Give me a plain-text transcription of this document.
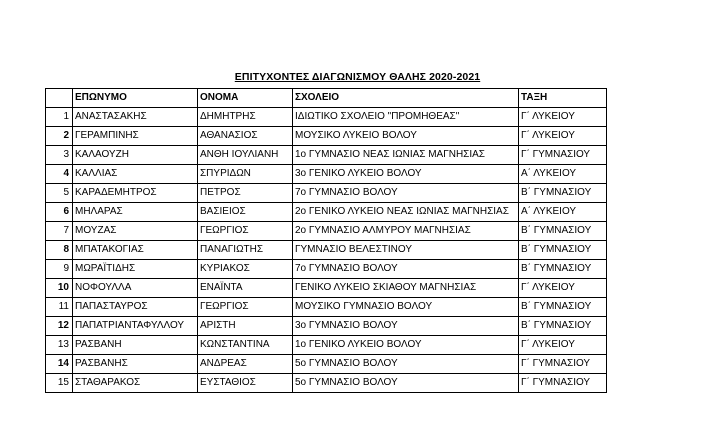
ΕΠΙΤΥΧΟΝΤΕΣ ΔΙΑΓΩΝΙΣΜΟΥ ΘΑΛΗΣ 2020-2021
	ΕΠΩΝΥΜΟ	ΟΝΟΜΑ	ΣΧΟΛΕΙΟ	ΤΑΞΗ
1	ΑΝΑΣΤΑΣΑΚΗΣ	ΔΗΜΗΤΡΗΣ	ΙΔΙΩΤΙΚΟ ΣΧΟΛΕΙΟ "ΠΡΟΜΗΘΕΑΣ"	Γ΄ ΛΥΚΕΙΟΥ
2	ΓΕΡΑΜΠΙΝΗΣ	ΑΘΑΝΑΣΙΟΣ	ΜΟΥΣΙΚΟ ΛΥΚΕΙΟ ΒΟΛΟΥ	Γ΄ ΛΥΚΕΙΟΥ
3	ΚΑΛΑΟΥΖΗ	ΑΝΘΗ ΙΟΥΛΙΑΝΗ	1ο ΓΥΜΝΑΣΙΟ ΝΕΑΣ ΙΩΝΙΑΣ ΜΑΓΝΗΣΙΑΣ	Γ΄ ΓΥΜΝΑΣΙΟΥ
4	ΚΑΛΛΙΑΣ	ΣΠΥΡΙΔΩΝ	3ο ΓΕΝΙΚΟ ΛΥΚΕΙΟ ΒΟΛΟΥ	Α΄ ΛΥΚΕΙΟΥ
5	ΚΑΡΑΔΕΜΗΤΡΟΣ	ΠΕΤΡΟΣ	7ο ΓΥΜΝΑΣΙΟ ΒΟΛΟΥ	Β΄ ΓΥΜΝΑΣΙΟΥ
6	ΜΗΛΑΡΑΣ	ΒΑΣΙΕΙΟΣ	2ο ΓΕΝΙΚΟ ΛΥΚΕΙΟ ΝΕΑΣ ΙΩΝΙΑΣ ΜΑΓΝΗΣΙΑΣ	Α΄ ΛΥΚΕΙΟΥ
7	ΜΟΥΖΑΣ	ΓΕΩΡΓΙΟΣ	2ο ΓΥΜΝΑΣΙΟ ΑΛΜΥΡΟΥ ΜΑΓΝΗΣΙΑΣ	Β΄ ΓΥΜΝΑΣΙΟΥ
8	ΜΠΑΤΑΚΟΓΙΑΣ	ΠΑΝΑΓΙΩΤΗΣ	ΓΥΜΝΑΣΙΟ ΒΕΛΕΣΤΙΝΟΥ	Β΄ ΓΥΜΝΑΣΙΟΥ
9	ΜΩΡΑΪΤΙΔΗΣ	ΚΥΡΙΑΚΟΣ	7ο ΓΥΜΝΑΣΙΟ ΒΟΛΟΥ	Β΄ ΓΥΜΝΑΣΙΟΥ
10	ΝΟΦΟΥΛΛΑ	ΕΝΑΪΝΤΑ	ΓΕΝΙΚΟ ΛΥΚΕΙΟ ΣΚΙΑΘΟΥ ΜΑΓΝΗΣΙΑΣ	Γ΄ ΛΥΚΕΙΟΥ
11	ΠΑΠΑΣΤΑΥΡΟΣ	ΓΕΩΡΓΙΟΣ	ΜΟΥΣΙΚΟ ΓΥΜΝΑΣΙΟ ΒΟΛΟΥ	Β΄ ΓΥΜΝΑΣΙΟΥ
12	ΠΑΠΑΤΡΙΑΝΤΑΦΥΛΛΟΥ	ΑΡΙΣΤΗ	3ο ΓΥΜΝΑΣΙΟ ΒΟΛΟΥ	Β΄ ΓΥΜΝΑΣΙΟΥ
13	ΡΑΣΒΑΝΗ	ΚΩΝΣΤΑΝΤΙΝΑ	1ο ΓΕΝΙΚΟ ΛΥΚΕΙΟ ΒΟΛΟΥ	Γ΄ ΛΥΚΕΙΟΥ
14	ΡΑΣΒΑΝΗΣ	ΑΝΔΡΕΑΣ	5ο ΓΥΜΝΑΣΙΟ ΒΟΛΟΥ	Γ΄ ΓΥΜΝΑΣΙΟΥ
15	ΣΤΑΘΑΡΑΚΟΣ	ΕΥΣΤΑΘΙΟΣ	5ο ΓΥΜΝΑΣΙΟ ΒΟΛΟΥ	Γ΄ ΓΥΜΝΑΣΙΟΥ
